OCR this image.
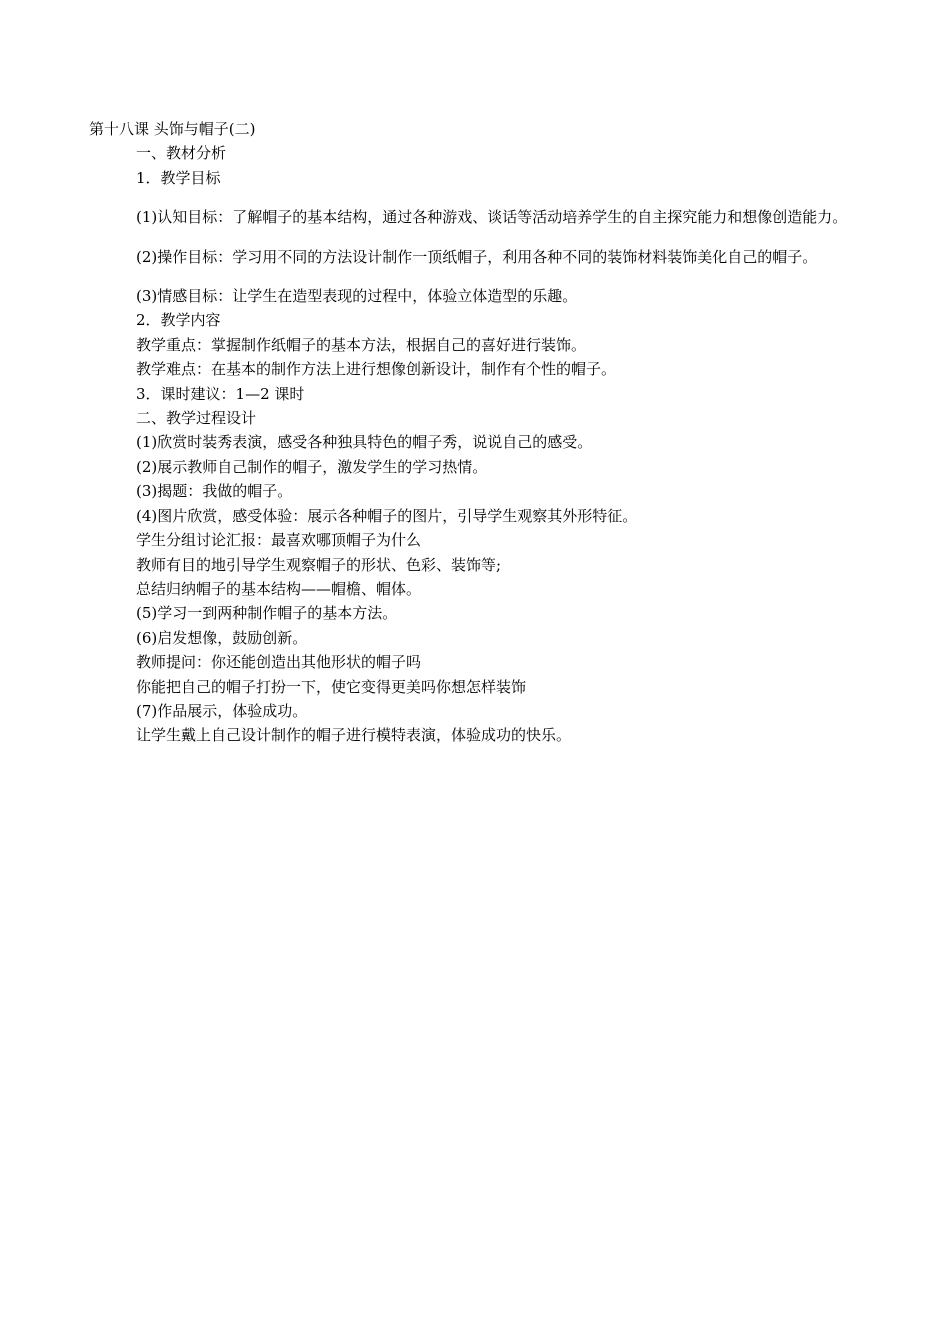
第十八课 头饰与帽子(二)

一、教材分析

1．教学目标

(1)认知目标：了解帽子的基本结构，通过各种游戏、谈话等活动培养学生的自主探究能力和想像创造能力。

(2)操作目标：学习用不同的方法设计制作一顶纸帽子，利用各种不同的装饰材料装饰美化自己的帽子。

(3)情感目标：让学生在造型表现的过程中，体验立体造型的乐趣。

2．教学内容

教学重点：掌握制作纸帽子的基本方法，根据自己的喜好进行装饰。

教学难点：在基本的制作方法上进行想像创新设计，制作有个性的帽子。

3．课时建议：1—2 课时

二、教学过程设计

(1)欣赏时装秀表演，感受各种独具特色的帽子秀，说说自己的感受。

(2)展示教师自己制作的帽子，激发学生的学习热情。

(3)揭题：我做的帽子。

(4)图片欣赏，感受体验：展示各种帽子的图片，引导学生观察其外形特征。

学生分组讨论汇报：最喜欢哪顶帽子为什么

教师有目的地引导学生观察帽子的形状、色彩、装饰等;

总结归纳帽子的基本结构——帽檐、帽体。

(5)学习一到两种制作帽子的基本方法。

(6)启发想像，鼓励创新。

教师提问：你还能创造出其他形状的帽子吗

你能把自己的帽子打扮一下，使它变得更美吗你想怎样装饰

(7)作品展示，体验成功。

让学生戴上自己设计制作的帽子进行模特表演，体验成功的快乐。
